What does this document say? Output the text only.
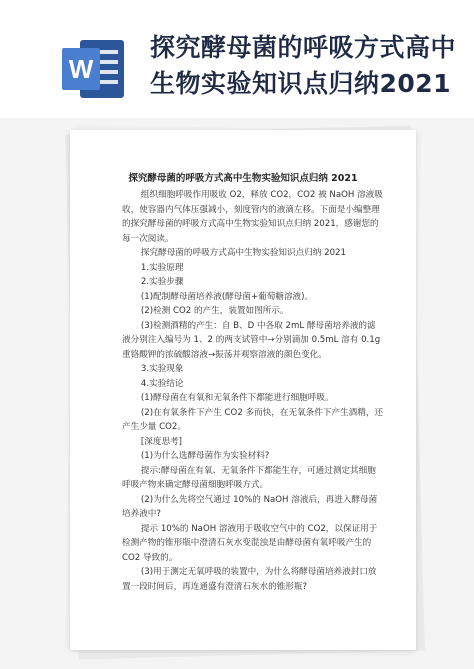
W
探究酵母菌的呼吸方式高中生物实验知识点归纳2021
探究酵母菌的呼吸方式高中生物实验知识点归纳 2021

组织细胞呼吸作用吸收 O2，释放 CO2，CO2 被 NaOH 溶液吸收，使容器内气体压强减小，刻度管内的液滴左移。下面是小编整理的探究酵母菌的呼吸方式高中生物实验知识点归纳 2021，感谢您的每一次阅读。

探究酵母菌的呼吸方式高中生物实验知识点归纳 2021

1.实验原理

2.实验步骤

(1)配制酵母菌培养液(酵母菌+葡萄糖溶液)。

(2)检测 CO2 的产生，装置如图所示。

(3)检测酒精的产生：自 B、D 中各取 2mL 酵母菌培养液的滤液分别注入编号为 1、2 的两支试管中→分别滴加 0.5mL 溶有 0.1g 重铬酸钾的浓硫酸溶液→振荡并观察溶液的颜色变化。

3.实验现象

4.实验结论

(1)酵母菌在有氧和无氧条件下都能进行细胞呼吸。

(2)在有氧条件下产生 CO2 多而快，在无氧条件下产生酒精，还产生少量 CO2。

[深度思考]

(1)为什么选酵母菌作为实验材料?

提示:酵母菌在有氧、无氧条件下都能生存，可通过测定其细胞呼吸产物来确定酵母菌细胞呼吸方式。

(2)为什么先将空气通过 10%的 NaOH 溶液后，再进入酵母菌培养液中?

提示 10%的 NaOH 溶液用于吸收空气中的 CO2，以保证用于检测产物的锥形瓶中澄清石灰水变混浊是由酵母菌有氧呼吸产生的 CO2 导致的。

(3)用于测定无氧呼吸的装置中，为什么将酵母菌培养液封口放置一段时间后，再连通盛有澄清石灰水的锥形瓶?
